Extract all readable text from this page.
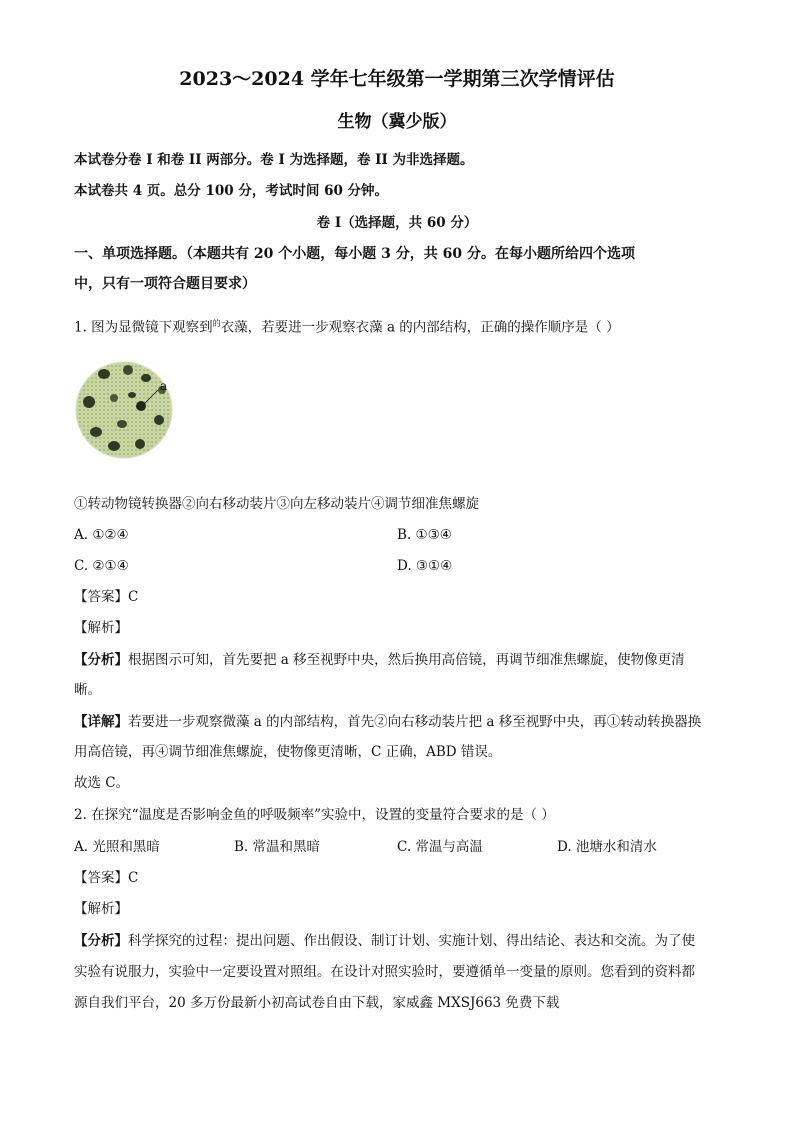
2023～2024 学年七年级第一学期第三次学情评估
生物（冀少版）
本试卷分卷 I 和卷 II 两部分。卷 I 为选择题，卷 II 为非选择题。
本试卷共 4 页。总分 100 分，考试时间 60 分钟。
卷 I（选择题，共 60 分）
一、单项选择题。（本题共有 20 个小题，每小题 3 分，共 60 分。在每小题所给四个选项
中，只有一项符合题目要求）
1. 图为显微镜下观察到$^的$衣藻，若要进一步观察衣藻 a 的内部结构，正确的操作顺序是（ ）
a
①转动物镜转换器②向右移动装片③向左移动装片④调节细准焦螺旋
A. ①②④	B. ①③④
C. ②①④	D. ③①④
【答案】C
【解析】
【分析】根据图示可知，首先要把 a 移至视野中央，然后换用高倍镜，再调节细准焦螺旋，使物像更清
晰。
【详解】若要进一步观察微藻 a 的内部结构，首先②向右移动装片把 a 移至视野中央，再①转动转换器换
用高倍镜，再④调节细准焦螺旋，使物像更清晰，C 正确，ABD 错误。
故选 C。
2. 在探究“温度是否影响金鱼的呼吸频率”实验中，设置的变量符合要求的是（ ）
A. 光照和黑暗	B. 常温和黑暗	C. 常温与高温	D. 池塘水和清水
【答案】C
【解析】
【分析】科学探究的过程：提出问题、作出假设、制订计划、实施计划、得出结论、表达和交流。为了使
实验有说服力，实验中一定要设置对照组。在设计对照实验时，要遵循单一变量的原则。您看到的资料都
源自我们平台，20 多万份最新小初高试卷自由下载，家威鑫 MXSJ663 免费下载
